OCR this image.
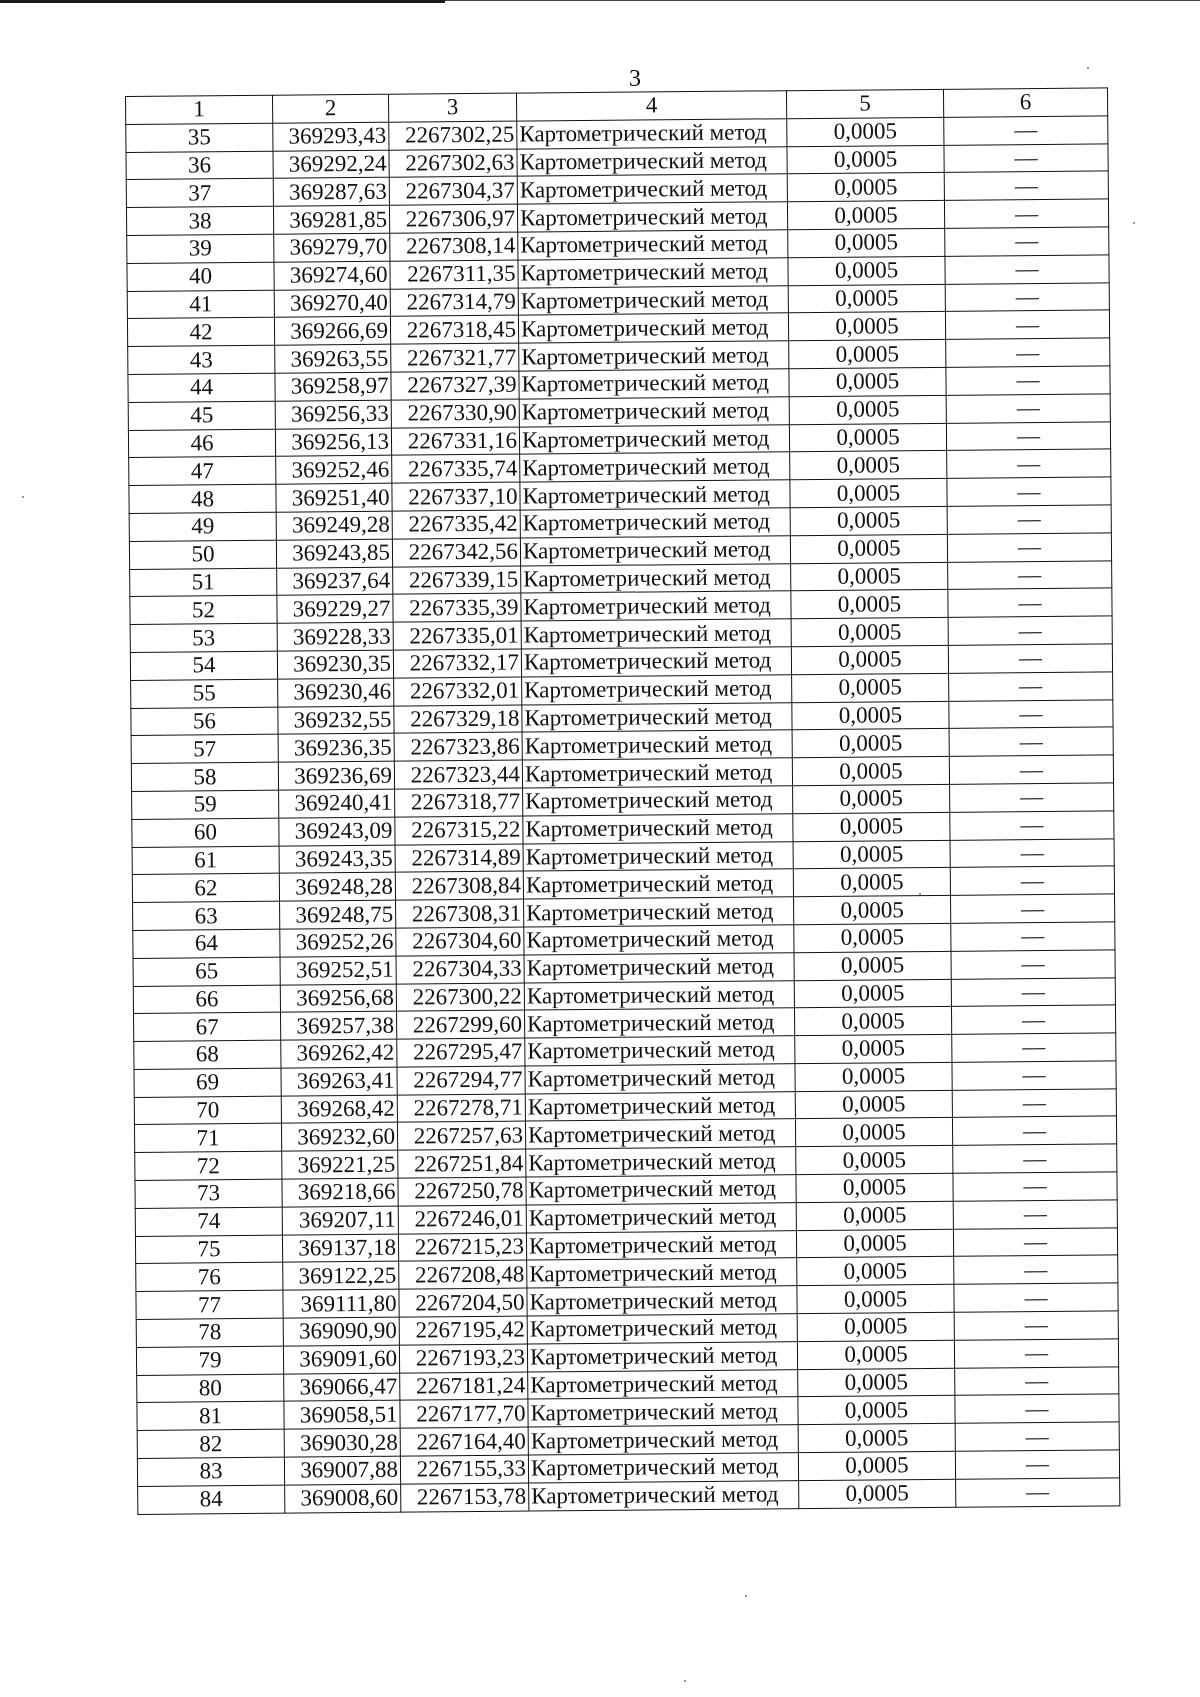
3
1	2	3	4	5	6
35	369293,43	2267302,25	Картометрический метод	0,0005	—
36	369292,24	2267302,63	Картометрический метод	0,0005	—
37	369287,63	2267304,37	Картометрический метод	0,0005	—
38	369281,85	2267306,97	Картометрический метод	0,0005	—
39	369279,70	2267308,14	Картометрический метод	0,0005	—
40	369274,60	2267311,35	Картометрический метод	0,0005	—
41	369270,40	2267314,79	Картометрический метод	0,0005	—
42	369266,69	2267318,45	Картометрический метод	0,0005	—
43	369263,55	2267321,77	Картометрический метод	0,0005	—
44	369258,97	2267327,39	Картометрический метод	0,0005	—
45	369256,33	2267330,90	Картометрический метод	0,0005	—
46	369256,13	2267331,16	Картометрический метод	0,0005	—
47	369252,46	2267335,74	Картометрический метод	0,0005	—
48	369251,40	2267337,10	Картометрический метод	0,0005	—
49	369249,28	2267335,42	Картометрический метод	0,0005	—
50	369243,85	2267342,56	Картометрический метод	0,0005	—
51	369237,64	2267339,15	Картометрический метод	0,0005	—
52	369229,27	2267335,39	Картометрический метод	0,0005	—
53	369228,33	2267335,01	Картометрический метод	0,0005	—
54	369230,35	2267332,17	Картометрический метод	0,0005	—
55	369230,46	2267332,01	Картометрический метод	0,0005	—
56	369232,55	2267329,18	Картометрический метод	0,0005	—
57	369236,35	2267323,86	Картометрический метод	0,0005	—
58	369236,69	2267323,44	Картометрический метод	0,0005	—
59	369240,41	2267318,77	Картометрический метод	0,0005	—
60	369243,09	2267315,22	Картометрический метод	0,0005	—
61	369243,35	2267314,89	Картометрический метод	0,0005	—
62	369248,28	2267308,84	Картометрический метод	0,0005	—
63	369248,75	2267308,31	Картометрический метод	0,0005	—
64	369252,26	2267304,60	Картометрический метод	0,0005	—
65	369252,51	2267304,33	Картометрический метод	0,0005	—
66	369256,68	2267300,22	Картометрический метод	0,0005	—
67	369257,38	2267299,60	Картометрический метод	0,0005	—
68	369262,42	2267295,47	Картометрический метод	0,0005	—
69	369263,41	2267294,77	Картометрический метод	0,0005	—
70	369268,42	2267278,71	Картометрический метод	0,0005	—
71	369232,60	2267257,63	Картометрический метод	0,0005	—
72	369221,25	2267251,84	Картометрический метод	0,0005	—
73	369218,66	2267250,78	Картометрический метод	0,0005	—
74	369207,11	2267246,01	Картометрический метод	0,0005	—
75	369137,18	2267215,23	Картометрический метод	0,0005	—
76	369122,25	2267208,48	Картометрический метод	0,0005	—
77	369111,80	2267204,50	Картометрический метод	0,0005	—
78	369090,90	2267195,42	Картометрический метод	0,0005	—
79	369091,60	2267193,23	Картометрический метод	0,0005	—
80	369066,47	2267181,24	Картометрический метод	0,0005	—
81	369058,51	2267177,70	Картометрический метод	0,0005	—
82	369030,28	2267164,40	Картометрический метод	0,0005	—
83	369007,88	2267155,33	Картометрический метод	0,0005	—
84	369008,60	2267153,78	Картометрический метод	0,0005	—
